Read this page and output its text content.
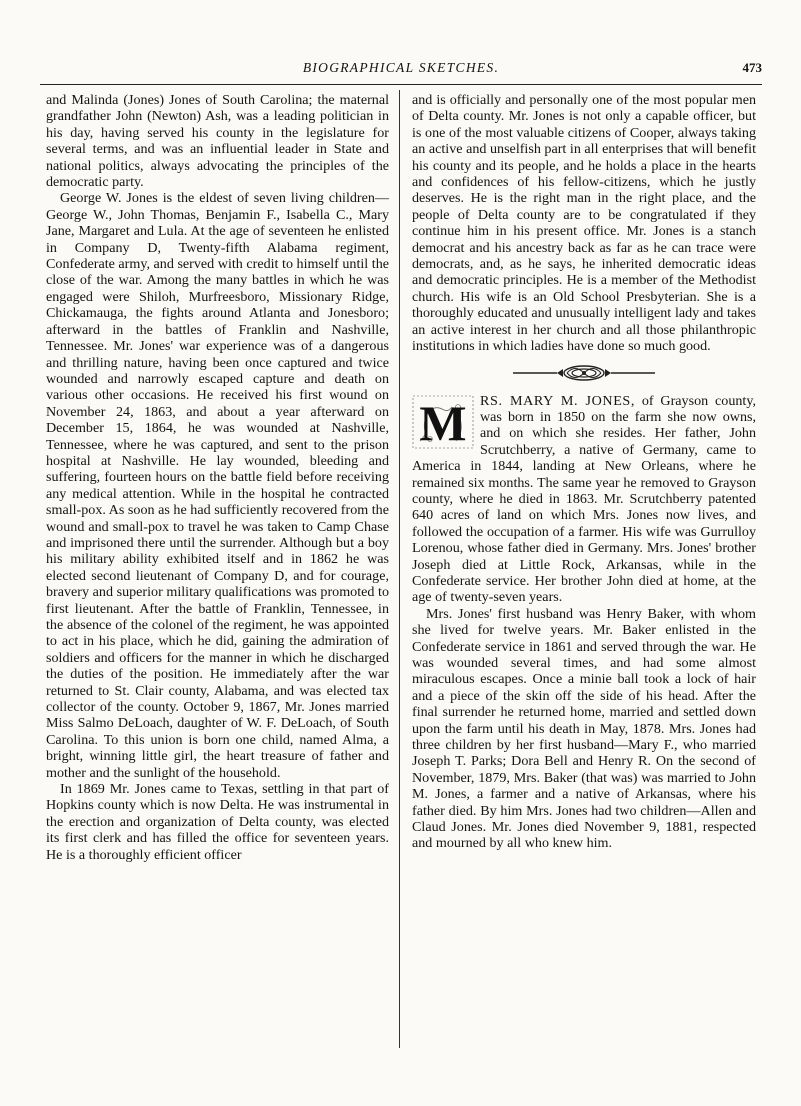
BIOGRAPHICAL SKETCHES.	473

and Malinda (Jones) Jones of South Carolina; the maternal grandfather John (Newton) Ash, was a leading politician in his day, having served his county in the legislature for several terms, and was an influential leader in State and national politics, always advocating the principles of the democratic party.

George W. Jones is the eldest of seven living children—George W., John Thomas, Benjamin F., Isabella C., Mary Jane, Margaret and Lula. At the age of seventeen he enlisted in Company D, Twenty-fifth Alabama regiment, Confederate army, and served with credit to himself until the close of the war. Among the many battles in which he was engaged were Shiloh, Murfreesboro, Missionary Ridge, Chickamauga, the fights around Atlanta and Jonesboro; afterward in the battles of Franklin and Nashville, Tennessee. Mr. Jones' war experience was of a dangerous and thrilling nature, having been once captured and twice wounded and narrowly escaped capture and death on various other occasions. He received his first wound on November 24, 1863, and about a year afterward on December 15, 1864, he was wounded at Nashville, Tennessee, where he was captured, and sent to the prison hospital at Nashville. He lay wounded, bleeding and suffering, fourteen hours on the battle field before receiving any medical attention. While in the hospital he contracted small-pox. As soon as he had sufficiently recovered from the wound and small-pox to travel he was taken to Camp Chase and imprisoned there until the surrender. Although but a boy his military ability exhibited itself and in 1862 he was elected second lieutenant of Company D, and for courage, bravery and superior military qualifications was promoted to first lieutenant. After the battle of Franklin, Tennessee, in the absence of the colonel of the regiment, he was appointed to act in his place, which he did, gaining the admiration of soldiers and officers for the manner in which he discharged the duties of the position. He immediately after the war returned to St. Clair county, Alabama, and was elected tax collector of the county. October 9, 1867, Mr. Jones married Miss Salmo DeLoach, daughter of W. F. DeLoach, of South Carolina. To this union is born one child, named Alma, a bright, winning little girl, the heart treasure of father and mother and the sunlight of the household.

In 1869 Mr. Jones came to Texas, settling in that part of Hopkins county which is now Delta. He was instrumental in the erection and organization of Delta county, was elected its first clerk and has filled the office for seventeen years. He is a thoroughly efficient officer

and is officially and personally one of the most popular men of Delta county. Mr. Jones is not only a capable officer, but is one of the most valuable citizens of Cooper, always taking an active and unselfish part in all enterprises that will benefit his county and its people, and he holds a place in the hearts and confidences of his fellow-citizens, which he justly deserves. He is the right man in the right place, and the people of Delta county are to be congratulated if they continue him in his present office. Mr. Jones is a stanch democrat and his ancestry back as far as he can trace were democrats, and, as he says, he inherited democratic ideas and democratic principles. He is a member of the Methodist church. His wife is an Old School Presbyterian. She is a thoroughly educated and unusually intelligent lady and takes an active interest in her church and all those philanthropic institutions in which ladies have done so much good.

M RS. MARY M. JONES, of Grayson county, was born in 1850 on the farm she now owns, and on which she resides. Her father, John Scrutchberry, a native of Germany, came to America in 1844, landing at New Orleans, where he remained six months. The same year he removed to Grayson county, where he died in 1863. Mr. Scrutchberry patented 640 acres of land on which Mrs. Jones now lives, and followed the occupation of a farmer. His wife was Gurrulloy Lorenou, whose father died in Germany. Mrs. Jones' brother Joseph died at Little Rock, Arkansas, while in the Confederate service. Her brother John died at home, at the age of twenty-seven years.

Mrs. Jones' first husband was Henry Baker, with whom she lived for twelve years. Mr. Baker enlisted in the Confederate service in 1861 and served through the war. He was wounded several times, and had some almost miraculous escapes. Once a minie ball took a lock of hair and a piece of the skin off the side of his head. After the final surrender he returned home, married and settled down upon the farm until his death in May, 1878. Mrs. Jones had three children by her first husband—Mary F., who married Joseph T. Parks; Dora Bell and Henry R. On the second of November, 1879, Mrs. Baker (that was) was married to John M. Jones, a farmer and a native of Arkansas, where his father died. By him Mrs. Jones had two children—Allen and Claud Jones. Mr. Jones died November 9, 1881, respected and mourned by all who knew him.
